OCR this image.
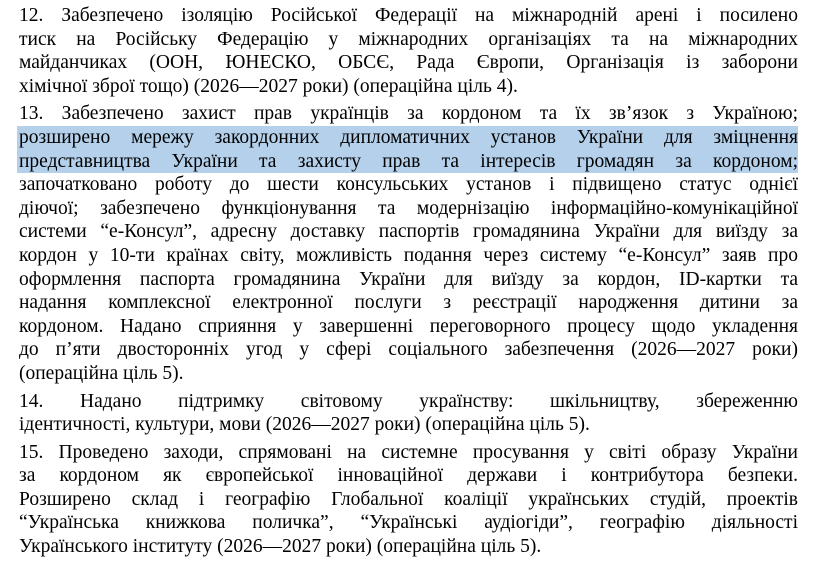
12. Забезпечено ізоляцію Російської Федерації на міжнародній арені і посилено
тиск на Російську Федерацію у міжнародних організаціях та на міжнародних
майданчиках (ООН, ЮНЕСКО, ОБСЄ, Рада Європи, Організація із заборони
хімічної зброї тощо) (2026—2027 роки) (операційна ціль 4).
13. Забезпечено захист прав українців за кордоном та їх зв’язок з Україною;
розширено мережу закордонних дипломатичних установ України для зміцнення
представництва України та захисту прав та інтересів громадян за кордоном;
започатковано роботу до шести консульських установ і підвищено статус однієї
діючої; забезпечено функціонування та модернізацію інформаційно-комунікаційної
системи “е-Консул”, адресну доставку паспортів громадянина України для виїзду за
кордон у 10-ти країнах світу, можливість подання через систему “е-Консул” заяв про
оформлення паспорта громадянина України для виїзду за кордон, ID-картки та
надання комплексної електронної послуги з реєстрації народження дитини за
кордоном. Надано сприяння у завершенні переговорного процесу щодо укладення
до п’яти двосторонніх угод у сфері соціального забезпечення (2026—2027 роки)
(операційна ціль 5).
14. Надано підтримку світовому українству: шкільництву, збереженню
ідентичності, культури, мови (2026—2027 роки) (операційна ціль 5).
15. Проведено заходи, спрямовані на системне просування у світі образу України
за кордоном як європейської інноваційної держави і контрибутора безпеки.
Розширено склад і географію Глобальної коаліції українських студій, проектів
“Українська книжкова поличка”, “Українські аудіогіди”, географію діяльності
Українського інституту (2026—2027 роки) (операційна ціль 5).
